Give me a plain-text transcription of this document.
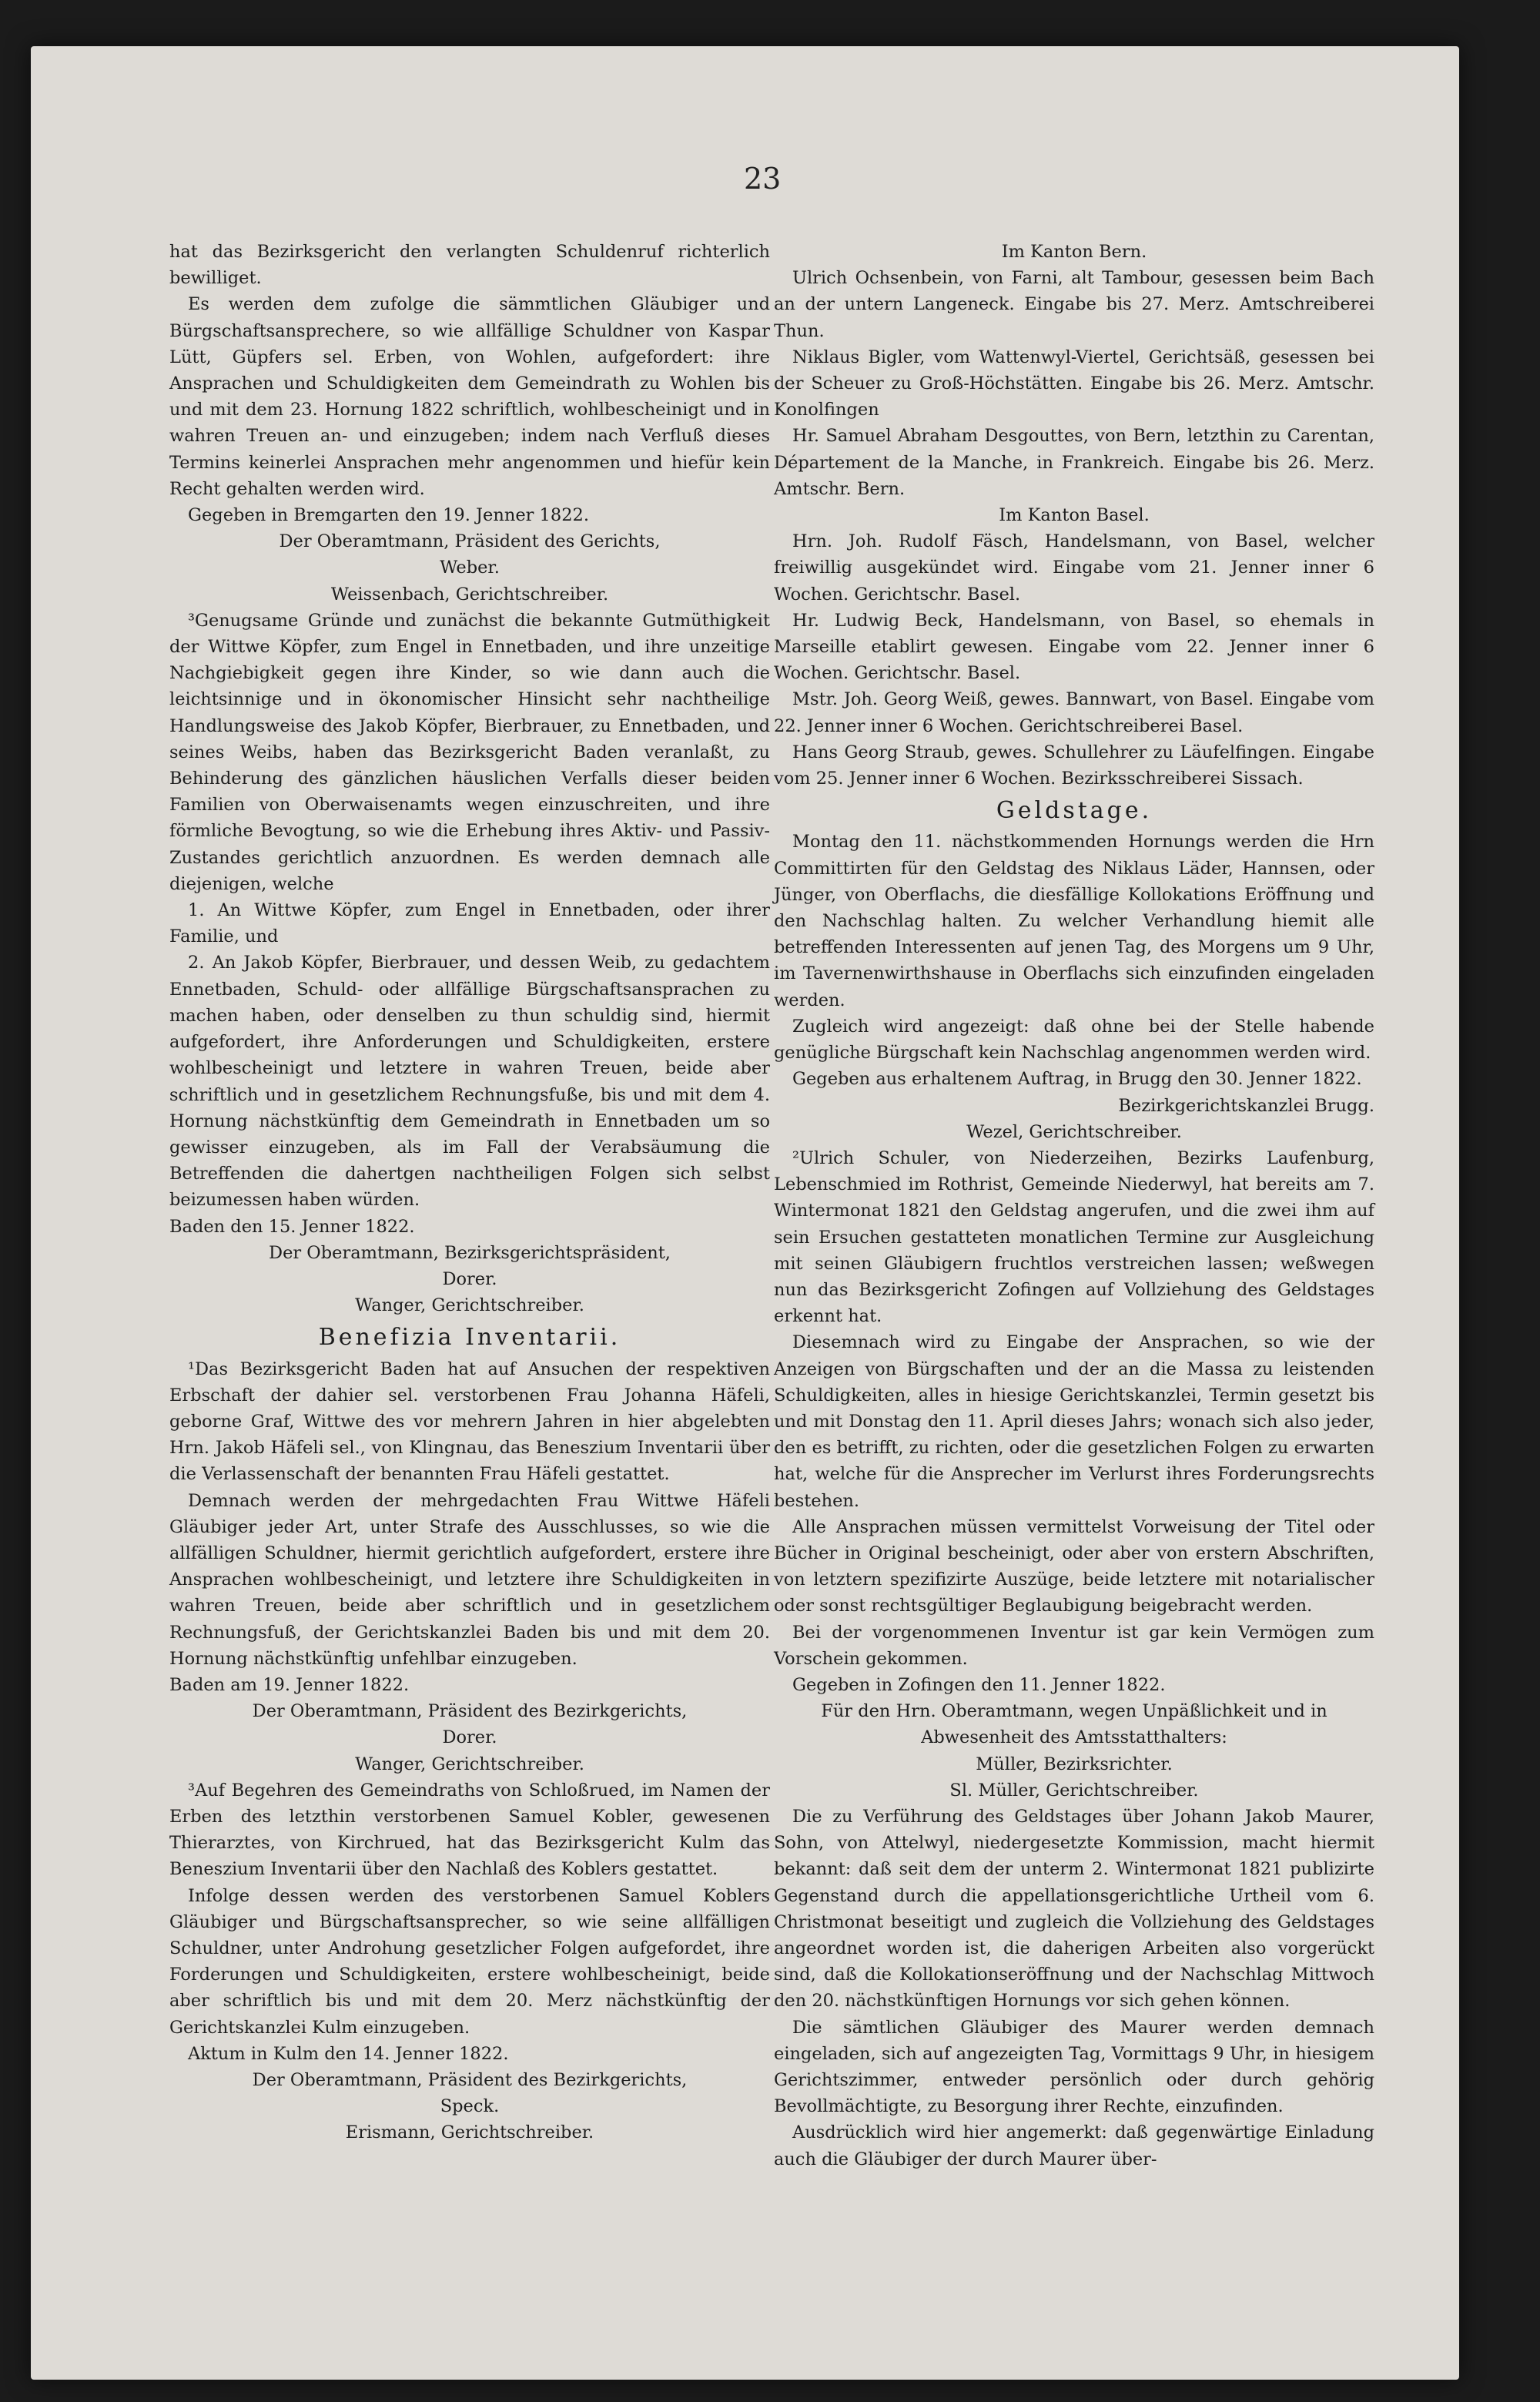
23

hat das Bezirksgericht den verlangten Schuldenruf richterlich bewilliget.

Es werden dem zufolge die sämmtlichen Gläubiger und Bürgschaftsansprechere, so wie allfällige Schuldner von Kaspar Lütt, Güpfers sel. Erben, von Wohlen, aufgefordert: ihre Ansprachen und Schuldigkeiten dem Gemeindrath zu Wohlen bis und mit dem 23. Hornung 1822 schriftlich, wohlbescheinigt und in wahren Treuen an- und einzugeben; indem nach Verfluß dieses Termins keinerlei Ansprachen mehr angenommen und hiefür kein Recht gehalten werden wird.

Gegeben in Bremgarten den 19. Jenner 1822.

Der Oberamtmann, Präsident des Gerichts,

Weber.

Weissenbach, Gerichtschreiber.

³Genugsame Gründe und zunächst die bekannte Gutmüthigkeit der Wittwe Köpfer, zum Engel in Ennetbaden, und ihre unzeitige Nachgiebigkeit gegen ihre Kinder, so wie dann auch die leichtsinnige und in ökonomischer Hinsicht sehr nachtheilige Handlungsweise des Jakob Köpfer, Bierbrauer, zu Ennetbaden, und seines Weibs, haben das Bezirksgericht Baden veranlaßt, zu Behinderung des gänzlichen häuslichen Verfalls dieser beiden Familien von Oberwaisenamts wegen einzuschreiten, und ihre förmliche Bevogtung, so wie die Erhebung ihres Aktiv- und Passiv-Zustandes gerichtlich anzuordnen. Es werden demnach alle diejenigen, welche

1. An Wittwe Köpfer, zum Engel in Ennetbaden, oder ihrer Familie, und

2. An Jakob Köpfer, Bierbrauer, und dessen Weib, zu gedachtem Ennetbaden, Schuld- oder allfällige Bürgschaftsansprachen zu machen haben, oder denselben zu thun schuldig sind, hiermit aufgefordert, ihre Anforderungen und Schuldigkeiten, erstere wohlbescheinigt und letztere in wahren Treuen, beide aber schriftlich und in gesetzlichem Rechnungsfuße, bis und mit dem 4. Hornung nächstkünftig dem Gemeindrath in Ennetbaden um so gewisser einzugeben, als im Fall der Verabsäumung die Betreffenden die dahertgen nachtheiligen Folgen sich selbst beizumessen haben würden.

Baden den 15. Jenner 1822.

Der Oberamtmann, Bezirksgerichtspräsident,

Dorer.

Wanger, Gerichtschreiber.

Benefizia Inventarii.

¹Das Bezirksgericht Baden hat auf Ansuchen der respektiven Erbschaft der dahier sel. verstorbenen Frau Johanna Häfeli, geborne Graf, Wittwe des vor mehrern Jahren in hier abgelebten Hrn. Jakob Häfeli sel., von Klingnau, das Beneszium Inventarii über die Verlassenschaft der benannten Frau Häfeli gestattet.

Demnach werden der mehrgedachten Frau Wittwe Häfeli Gläubiger jeder Art, unter Strafe des Ausschlusses, so wie die allfälligen Schuldner, hiermit gerichtlich aufgefordert, erstere ihre Ansprachen wohlbescheinigt, und letztere ihre Schuldigkeiten in wahren Treuen, beide aber schriftlich und in gesetzlichem Rechnungsfuß, der Gerichtskanzlei Baden bis und mit dem 20. Hornung nächstkünftig unfehlbar einzugeben.

Baden am 19. Jenner 1822.

Der Oberamtmann, Präsident des Bezirkgerichts,

Dorer.

Wanger, Gerichtschreiber.

³Auf Begehren des Gemeindraths von Schloßrued, im Namen der Erben des letzthin verstorbenen Samuel Kobler, gewesenen Thierarztes, von Kirchrued, hat das Bezirksgericht Kulm das Beneszium Inventarii über den Nachlaß des Koblers gestattet.

Infolge dessen werden des verstorbenen Samuel Koblers Gläubiger und Bürgschaftsansprecher, so wie seine allfälligen Schuldner, unter Androhung gesetzlicher Folgen aufgefordet, ihre Forderungen und Schuldigkeiten, erstere wohlbescheinigt, beide aber schriftlich bis und mit dem 20. Merz nächstkünftig der Gerichtskanzlei Kulm einzugeben.

Aktum in Kulm den 14. Jenner 1822.

Der Oberamtmann, Präsident des Bezirkgerichts,

Speck.

Erismann, Gerichtschreiber.

Im Kanton Bern.

Ulrich Ochsenbein, von Farni, alt Tambour, gesessen beim Bach an der untern Langeneck. Eingabe bis 27. Merz. Amtschreiberei Thun.

Niklaus Bigler, vom Wattenwyl-Viertel, Gerichtsäß, gesessen bei der Scheuer zu Groß-Höchstätten. Eingabe bis 26. Merz. Amtschr. Konolfingen

Hr. Samuel Abraham Desgouttes, von Bern, letzthin zu Carentan, Département de la Manche, in Frankreich. Eingabe bis 26. Merz. Amtschr. Bern.

Im Kanton Basel.

Hrn. Joh. Rudolf Fäsch, Handelsmann, von Basel, welcher freiwillig ausgekündet wird. Eingabe vom 21. Jenner inner 6 Wochen. Gerichtschr. Basel.

Hr. Ludwig Beck, Handelsmann, von Basel, so ehemals in Marseille etablirt gewesen. Eingabe vom 22. Jenner inner 6 Wochen. Gerichtschr. Basel.

Mstr. Joh. Georg Weiß, gewes. Bannwart, von Basel. Eingabe vom 22. Jenner inner 6 Wochen. Gerichtschreiberei Basel.

Hans Georg Straub, gewes. Schullehrer zu Läufelfingen. Eingabe vom 25. Jenner inner 6 Wochen. Bezirksschreiberei Sissach.

Geldstage.

Montag den 11. nächstkommenden Hornungs werden die Hrn Committirten für den Geldstag des Niklaus Läder, Hannsen, oder Jünger, von Oberflachs, die diesfällige Kollokations Eröffnung und den Nachschlag halten. Zu welcher Verhandlung hiemit alle betreffenden Interessenten auf jenen Tag, des Morgens um 9 Uhr, im Tavernenwirthshause in Oberflachs sich einzufinden eingeladen werden.

Zugleich wird angezeigt: daß ohne bei der Stelle habende genügliche Bürgschaft kein Nachschlag angenommen werden wird.

Gegeben aus erhaltenem Auftrag, in Brugg den 30. Jenner 1822.

Bezirkgerichtskanzlei Brugg.

Wezel, Gerichtschreiber.

²Ulrich Schuler, von Niederzeihen, Bezirks Laufenburg, Lebenschmied im Rothrist, Gemeinde Niederwyl, hat bereits am 7. Wintermonat 1821 den Geldstag angerufen, und die zwei ihm auf sein Ersuchen gestatteten monatlichen Termine zur Ausgleichung mit seinen Gläubigern fruchtlos verstreichen lassen; weßwegen nun das Bezirksgericht Zofingen auf Vollziehung des Geldstages erkennt hat.

Diesemnach wird zu Eingabe der Ansprachen, so wie der Anzeigen von Bürgschaften und der an die Massa zu leistenden Schuldigkeiten, alles in hiesige Gerichtskanzlei, Termin gesetzt bis und mit Donstag den 11. April dieses Jahrs; wonach sich also jeder, den es betrifft, zu richten, oder die gesetzlichen Folgen zu erwarten hat, welche für die Ansprecher im Verlurst ihres Forderungsrechts bestehen.

Alle Ansprachen müssen vermittelst Vorweisung der Titel oder Bücher in Original bescheinigt, oder aber von erstern Abschriften, von letztern spezifizirte Auszüge, beide letztere mit notarialischer oder sonst rechtsgültiger Beglaubigung beigebracht werden.

Bei der vorgenommenen Inventur ist gar kein Vermögen zum Vorschein gekommen.

Gegeben in Zofingen den 11. Jenner 1822.

Für den Hrn. Oberamtmann, wegen Unpäßlichkeit und in Abwesenheit des Amtsstatthalters:

Müller, Bezirksrichter.

Sl. Müller, Gerichtschreiber.

Die zu Verführung des Geldstages über Johann Jakob Maurer, Sohn, von Attelwyl, niedergesetzte Kommission, macht hiermit bekannt: daß seit dem der unterm 2. Wintermonat 1821 publizirte Gegenstand durch die appellationsgerichtliche Urtheil vom 6. Christmonat beseitigt und zugleich die Vollziehung des Geldstages angeordnet worden ist, die daherigen Arbeiten also vorgerückt sind, daß die Kollokationseröffnung und der Nachschlag Mittwoch den 20. nächstkünftigen Hornungs vor sich gehen können.

Die sämtlichen Gläubiger des Maurer werden demnach eingeladen, sich auf angezeigten Tag, Vormittags 9 Uhr, in hiesigem Gerichtszimmer, entweder persönlich oder durch gehörig Bevollmächtigte, zu Besorgung ihrer Rechte, einzufinden.

Ausdrücklich wird hier angemerkt: daß gegenwärtige Einladung auch die Gläubiger der durch Maurer über-
